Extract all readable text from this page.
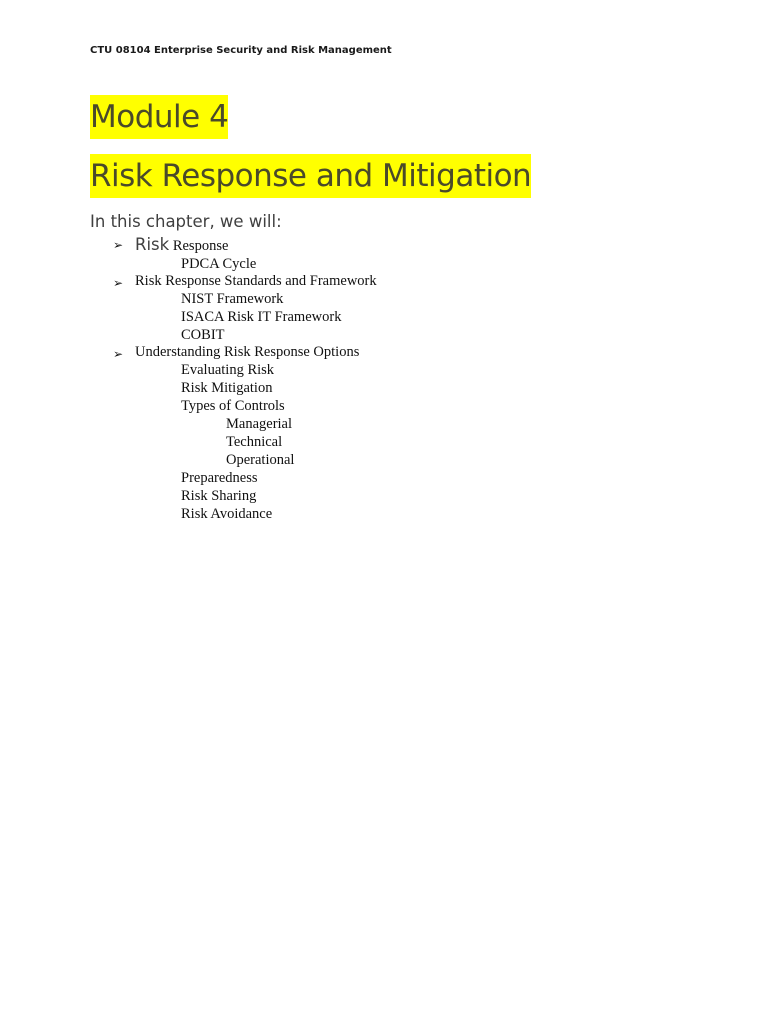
CTU 08104 Enterprise Security and Risk Management
Module 4
Risk Response and Mitigation
In this chapter, we will:
➢ Risk Response
PDCA Cycle
➢ Risk Response Standards and Framework
NIST Framework
ISACA Risk IT Framework
COBIT
➢ Understanding Risk Response Options
Evaluating Risk
Risk Mitigation
Types of Controls
Managerial
Technical
Operational
Preparedness
Risk Sharing
Risk Avoidance
